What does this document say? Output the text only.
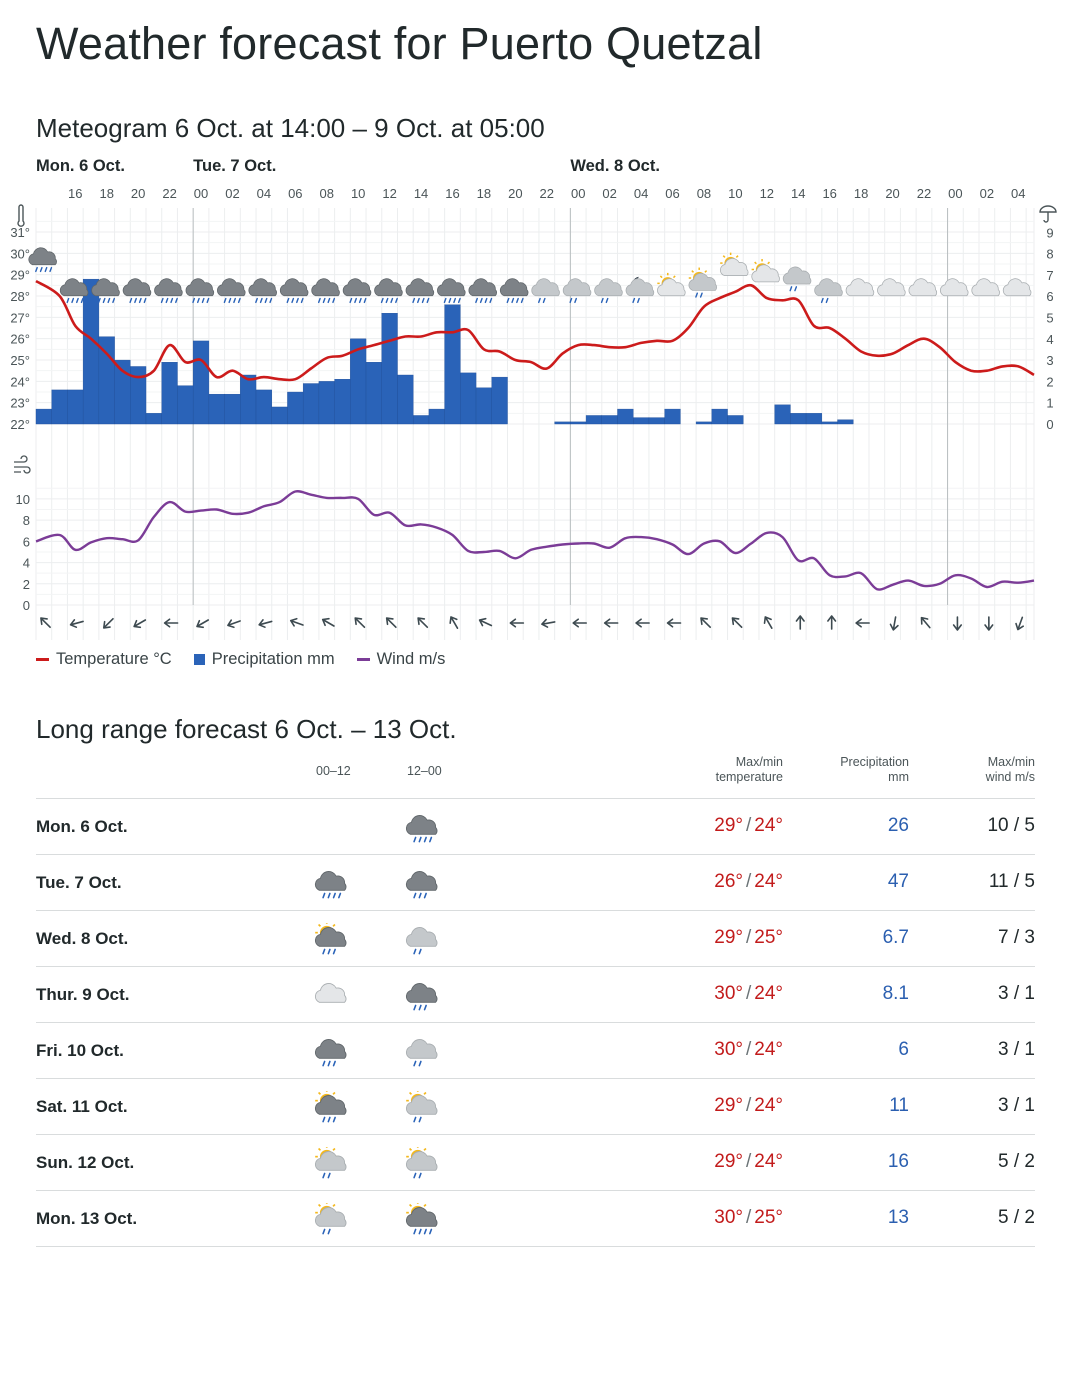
Weather forecast for Puerto Quetzal
Meteogram 6 Oct. at 14:00 – 9 Oct. at 05:00
Mon. 6 Oct.	Tue. 7 Oct.	Wed. 8 Oct.
16 18 20 22 00 02 04 06 08 10 12 14 16 18 20 22 00 02 04 06 08 10 12 14 16 18 20 22 00 02 04
22°
23°
24°
25°
26°
27°
28°
29°
30°
31°
0
1
2
3
4
5
6
7
8
9
0
2
4
6
8
10
Temperature °C Precipitation mm	Wind m/s
Long range forecast 6 Oct. – 13 Oct.
00–12	12–00
Max/min
temperature
Precipitation
mm
Max/min
wind m/s
Mon. 6 Oct.	29° / 24°	26	10 / 5
Tue. 7 Oct.	26° / 24°	47	11 / 5
Wed. 8 Oct.	29° / 25°	6.7	7 / 3
Thur. 9 Oct.	30° / 24°	8.1	3 / 1
Fri. 10 Oct.	30° / 24°	6	3 / 1
Sat. 11 Oct.	29° / 24°	11	3 / 1
Sun. 12 Oct.	29° / 24°	16	5 / 2
Mon. 13 Oct.	30° / 25°	13	5 / 2
